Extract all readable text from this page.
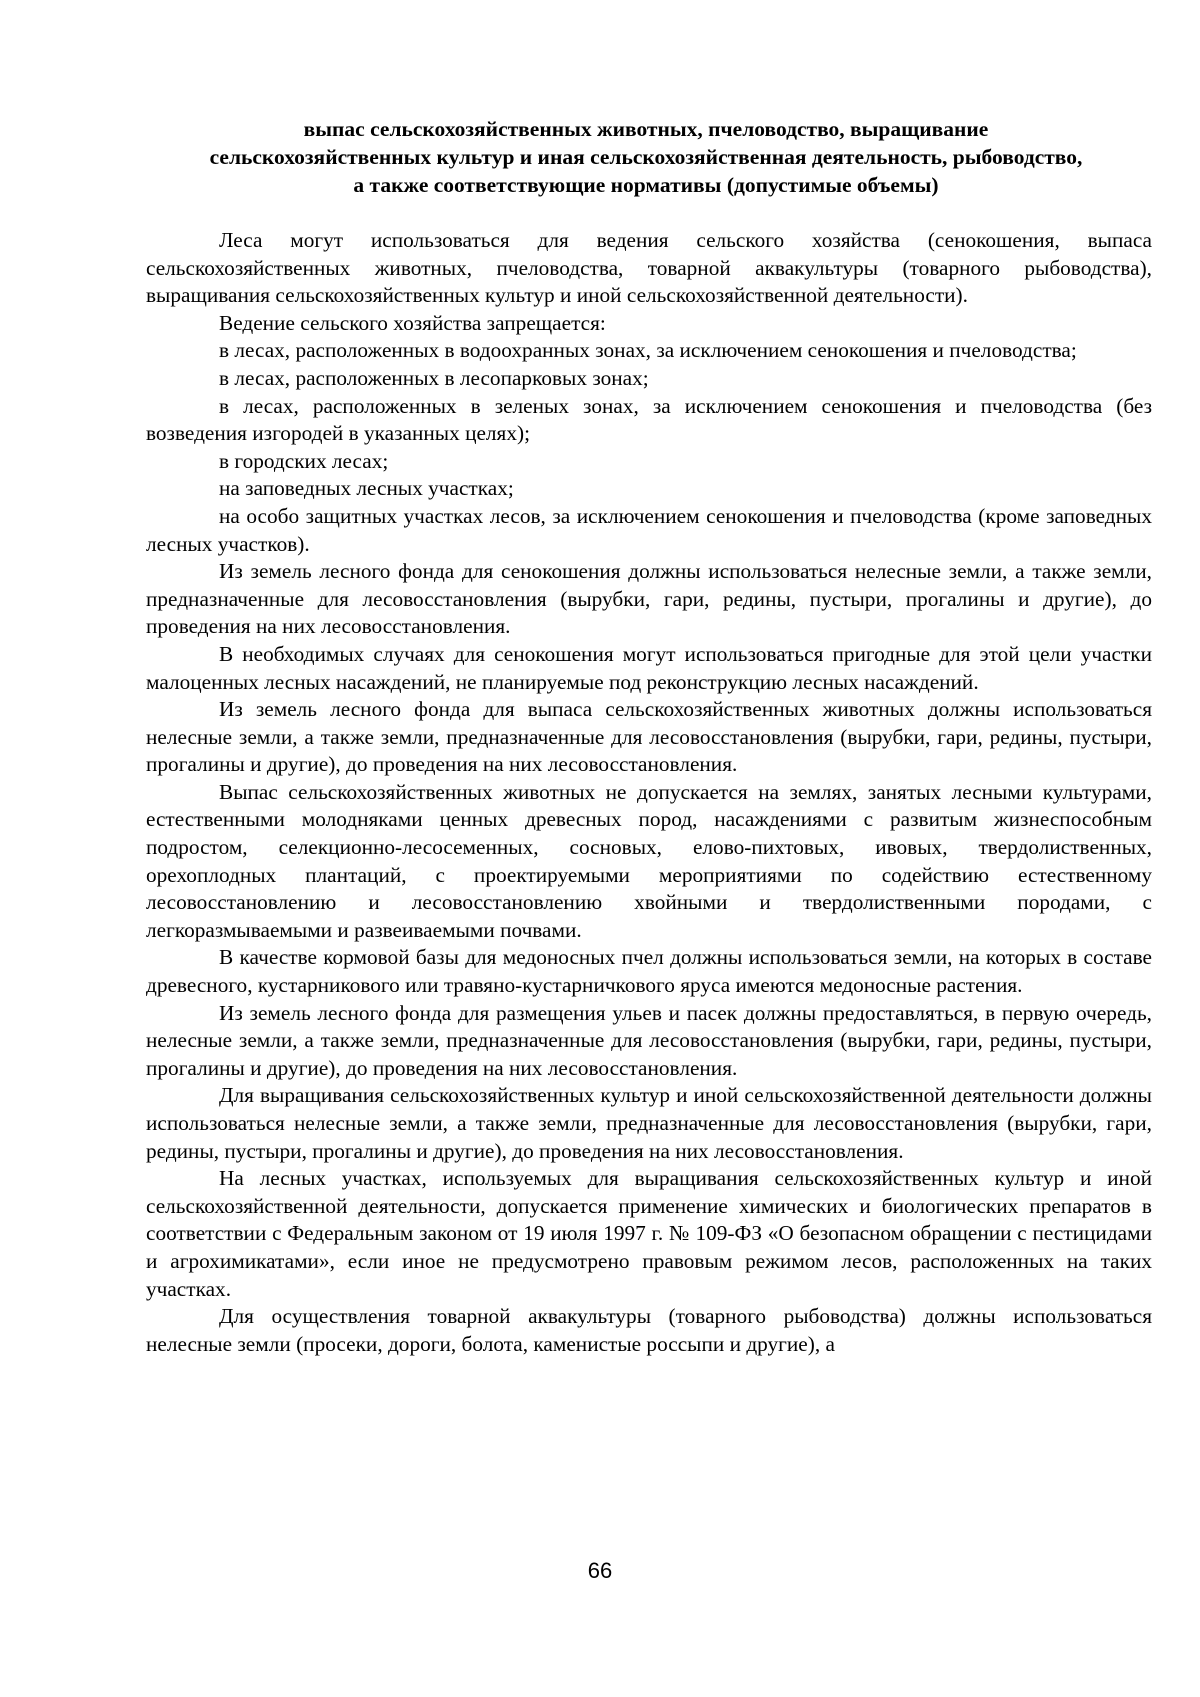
выпас сельскохозяйственных животных, пчеловодство, выращивание
сельскохозяйственных культур и иная сельскохозяйственная деятельность, рыбоводство,
а также соответствующие нормативы (допустимые объемы)

Леса могут использоваться для ведения сельского хозяйства (сенокошения, выпаса сельскохозяйственных животных, пчеловодства, товарной аквакультуры (товарного рыбоводства), выращивания сельскохозяйственных культур и иной сельскохозяйственной деятельности).

Ведение сельского хозяйства запрещается:

в лесах, расположенных в водоохранных зонах, за исключением сенокошения и пчеловодства;

в лесах, расположенных в лесопарковых зонах;

в лесах, расположенных в зеленых зонах, за исключением сенокошения и пчеловодства (без возведения изгородей в указанных целях);

в городских лесах;

на заповедных лесных участках;

на особо защитных участках лесов, за исключением сенокошения и пчеловодства (кроме заповедных лесных участков).

Из земель лесного фонда для сенокошения должны использоваться нелесные земли, а также земли, предназначенные для лесовосстановления (вырубки, гари, редины, пустыри, прогалины и другие), до проведения на них лесовосстановления.

В необходимых случаях для сенокошения могут использоваться пригодные для этой цели участки малоценных лесных насаждений, не планируемые под реконструкцию лесных насаждений.

Из земель лесного фонда для выпаса сельскохозяйственных животных должны использоваться нелесные земли, а также земли, предназначенные для лесовосстановления (вырубки, гари, редины, пустыри, прогалины и другие), до проведения на них лесовосстановления.

Выпас сельскохозяйственных животных не допускается на землях, занятых лесными культурами, естественными молодняками ценных древесных пород, насаждениями с развитым жизнеспособным подростом, селекционно-лесосеменных, сосновых, елово-пихтовых, ивовых, твердолиственных, орехоплодных плантаций, с проектируемыми мероприятиями по содействию естественному лесовосстановлению и лесовосстановлению хвойными и твердолиственными породами, с легкоразмываемыми и развеиваемыми почвами.

В качестве кормовой базы для медоносных пчел должны использоваться земли, на которых в составе древесного, кустарникового или травяно-кустарничкового яруса имеются медоносные растения.

Из земель лесного фонда для размещения ульев и пасек должны предоставляться, в первую очередь, нелесные земли, а также земли, предназначенные для лесовосстановления (вырубки, гари, редины, пустыри, прогалины и другие), до проведения на них лесовосстановления.

Для выращивания сельскохозяйственных культур и иной сельскохозяйственной деятельности должны использоваться нелесные земли, а также земли, предназначенные для лесовосстановления (вырубки, гари, редины, пустыри, прогалины и другие), до проведения на них лесовосстановления.

На лесных участках, используемых для выращивания сельскохозяйственных культур и иной сельскохозяйственной деятельности, допускается применение химических и биологических препаратов в соответствии с Федеральным законом от 19 июля 1997 г. № 109-ФЗ «О безопасном обращении с пестицидами и агрохимикатами», если иное не предусмотрено правовым режимом лесов, расположенных на таких участках.

Для осуществления товарной аквакультуры (товарного рыбоводства) должны использоваться нелесные земли (просеки, дороги, болота, каменистые россыпи и другие), а

66
